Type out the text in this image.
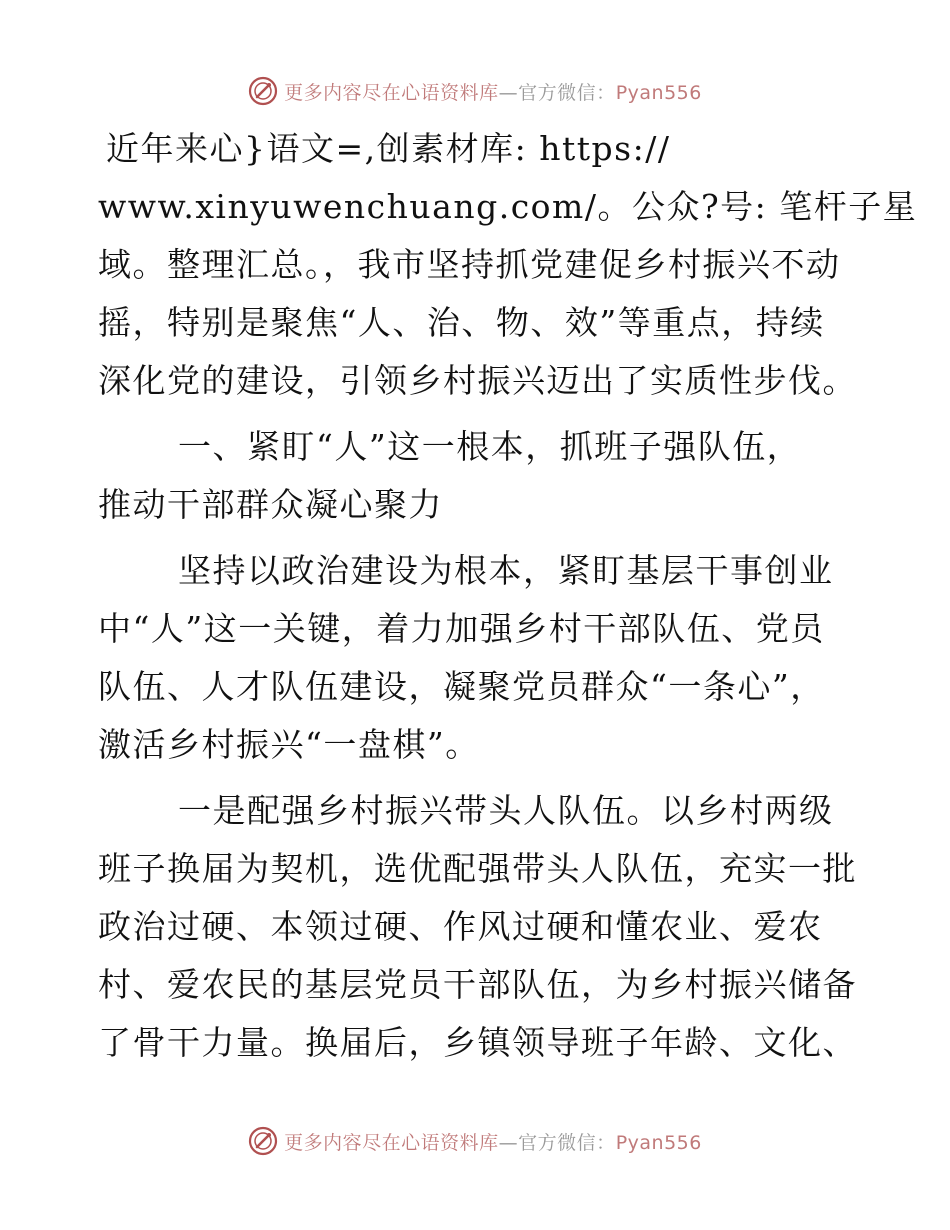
更多内容尽在心语资料库—官方微信：Pyan556
近年来心}语文=,创素材库: https://
www.xinyuwenchuang.com/。公众?号: 笔杆子星
域。整理汇总。，我市坚持抓党建促乡村振兴不动
摇，特别是聚焦“人、治、物、效”等重点，持续
深化党的建设，引领乡村振兴迈出了实质性步伐。
一、紧盯“人”这一根本，抓班子强队伍，
推动干部群众凝心聚力
坚持以政治建设为根本，紧盯基层干事创业
中“人”这一关键，着力加强乡村干部队伍、党员
队伍、人才队伍建设，凝聚党员群众“一条心”，
激活乡村振兴“一盘棋”。
一是配强乡村振兴带头人队伍。以乡村两级
班子换届为契机，选优配强带头人队伍，充实一批
政治过硬、本领过硬、作风过硬和懂农业、爱农
村、爱农民的基层党员干部队伍，为乡村振兴储备
了骨干力量。换届后，乡镇领导班子年龄、文化、
更多内容尽在心语资料库—官方微信：Pyan556
